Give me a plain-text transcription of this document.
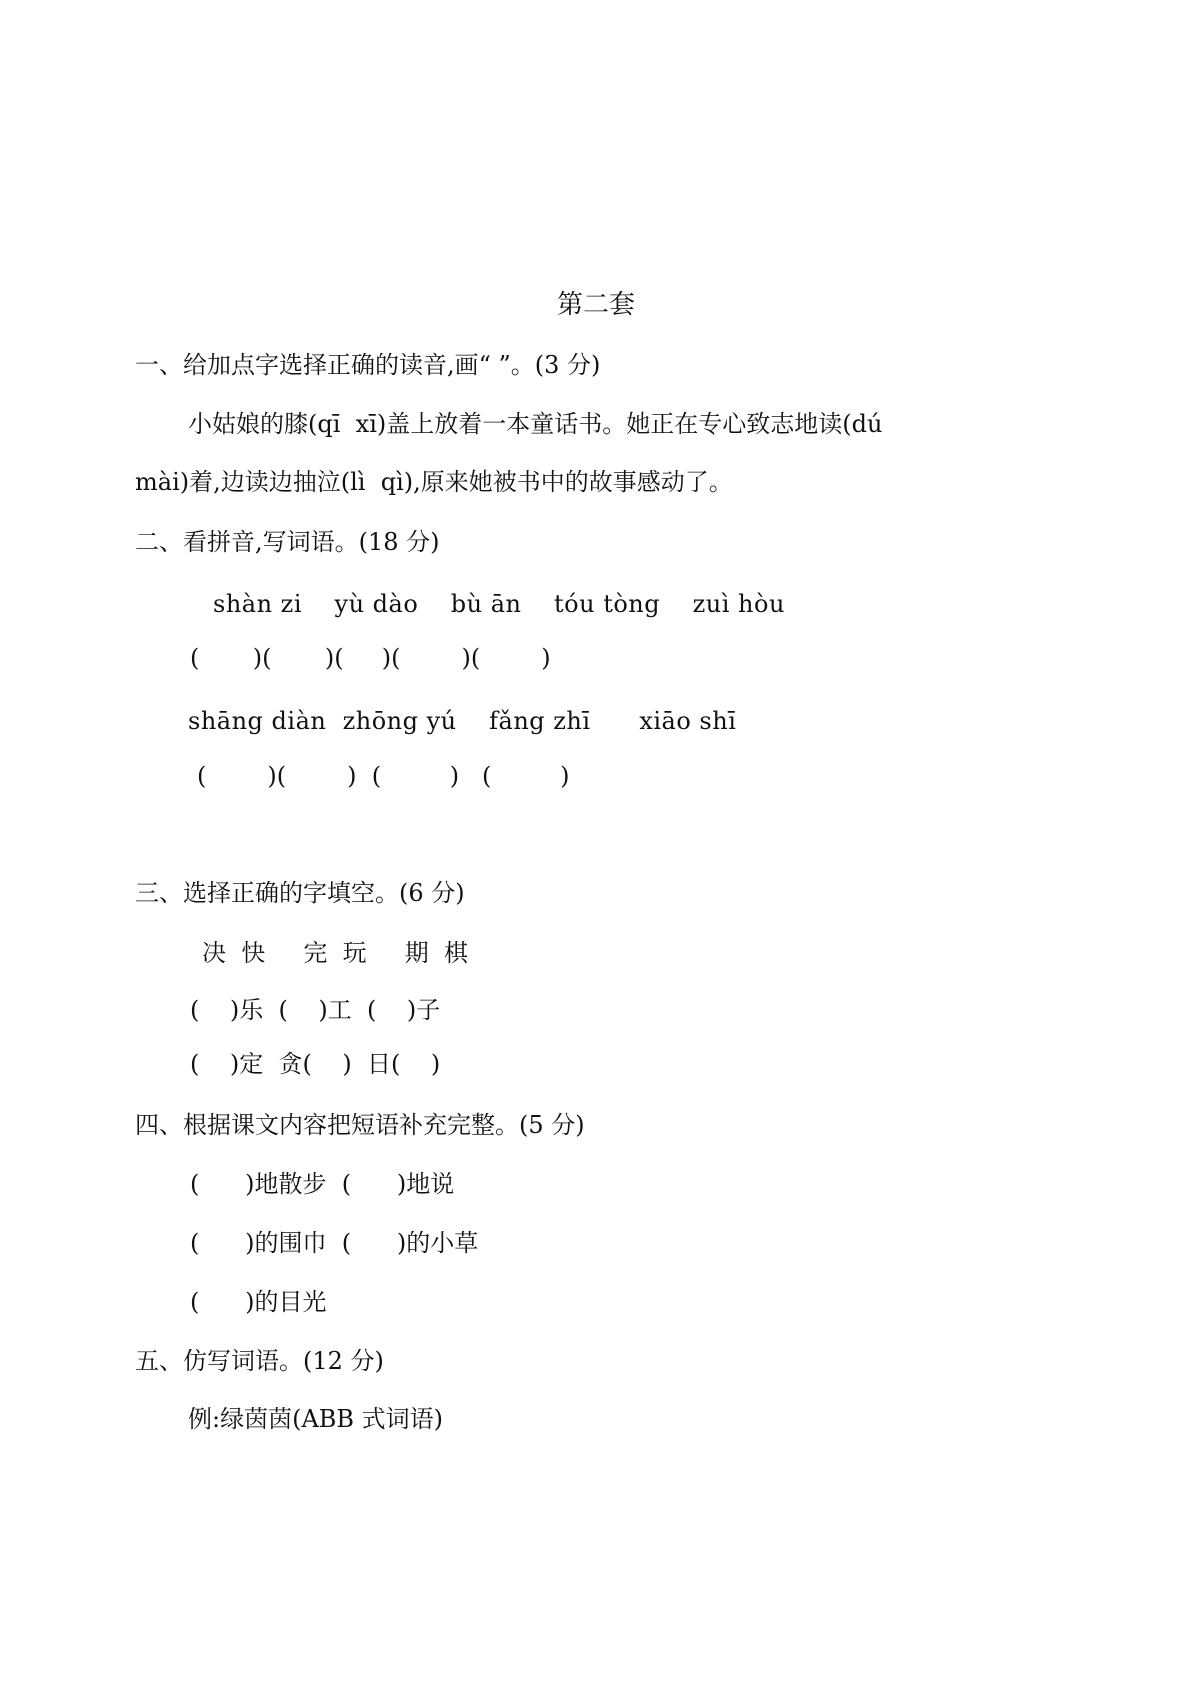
第二套
一、给加点字选择正确的读音,画“ ”。(3 分)
小姑娘的膝(qī  xī)盖上放着一本童话书。她正在专心致志地读(dú
mài)着,边读边抽泣(lì  qì),原来她被书中的故事感动了。
二、看拼音,写词语。(18 分)
shàn zi    yù dào    bù ān    tóu tòng    zuì hòu
(       )(       )(     )(        )(        )
shāng diàn  zhōng yú    fǎng zhī      xiāo shī
(        )(        )  (         )   (         )
三、选择正确的字填空。(6 分)
决  快     完  玩     期  棋
(    )乐  (    )工  (    )子
(    )定  贪(    )  日(    )
四、根据课文内容把短语补充完整。(5 分)
(      )地散步  (      )地说
(      )的围巾  (      )的小草
(      )的目光
五、仿写词语。(12 分)
例:绿茵茵(ABB 式词语)
